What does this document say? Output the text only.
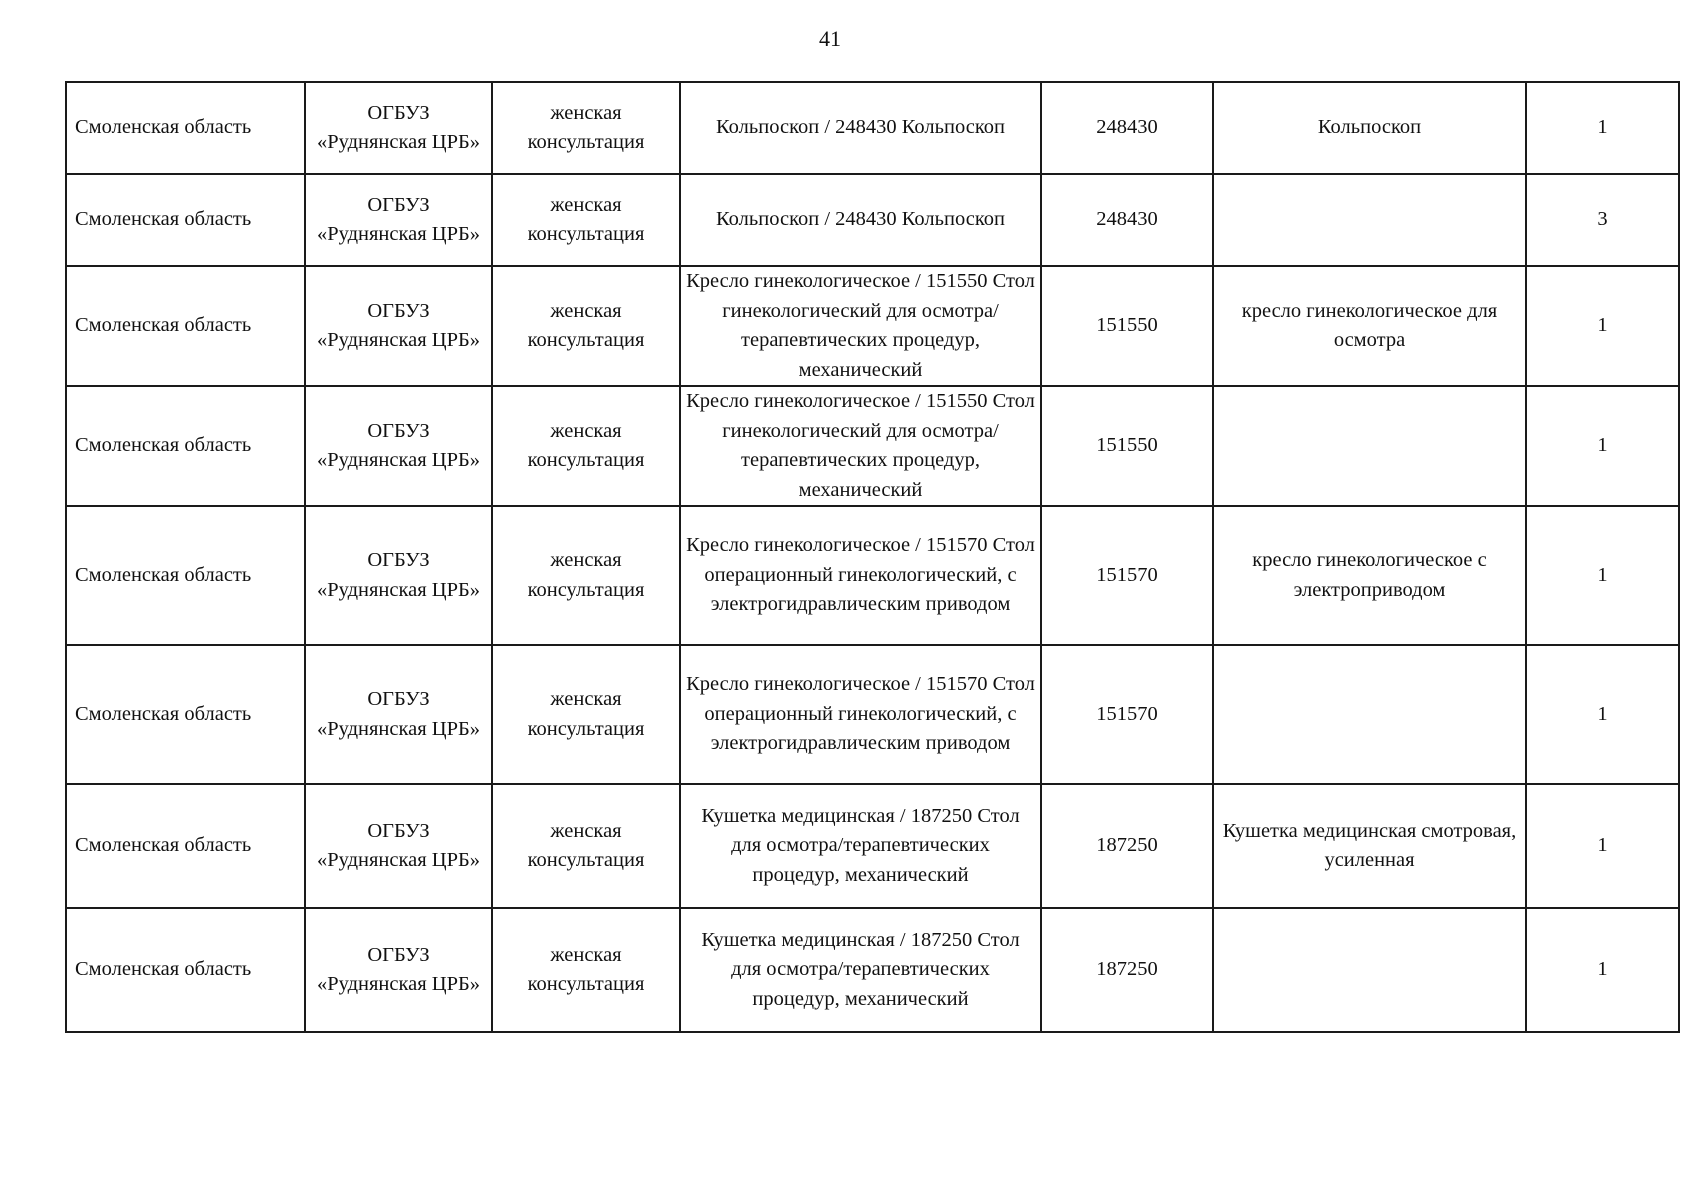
41
Смоленская область	ОГБУЗ «Руднянская ЦРБ»	женская консультация	Кольпоскоп / 248430 Кольпоскоп	248430	Кольпоскоп	1
Смоленская область	ОГБУЗ «Руднянская ЦРБ»	женская консультация	Кольпоскоп / 248430 Кольпоскоп	248430		3
Смоленская область	ОГБУЗ «Руднянская ЦРБ»	женская консультация	Кресло гинекологическое / 151550 Стол гинекологический для осмотра/терапевтических процедур, механический	151550	кресло гинекологическое для осмотра	1
Смоленская область	ОГБУЗ «Руднянская ЦРБ»	женская консультация	Кресло гинекологическое / 151550 Стол гинекологический для осмотра/терапевтических процедур, механический	151550		1
Смоленская область	ОГБУЗ «Руднянская ЦРБ»	женская консультация	Кресло гинекологическое / 151570 Стол операционный гинекологический, с электрогидравлическим приводом	151570	кресло гинекологическое с электроприводом	1
Смоленская область	ОГБУЗ «Руднянская ЦРБ»	женская консультация	Кресло гинекологическое / 151570 Стол операционный гинекологический, с электрогидравлическим приводом	151570		1
Смоленская область	ОГБУЗ «Руднянская ЦРБ»	женская консультация	Кушетка медицинская / 187250 Стол для осмотра/терапевтических процедур, механический	187250	Кушетка медицинская смотровая, усиленная	1
Смоленская область	ОГБУЗ «Руднянская ЦРБ»	женская консультация	Кушетка медицинская / 187250 Стол для осмотра/терапевтических процедур, механический	187250		1
